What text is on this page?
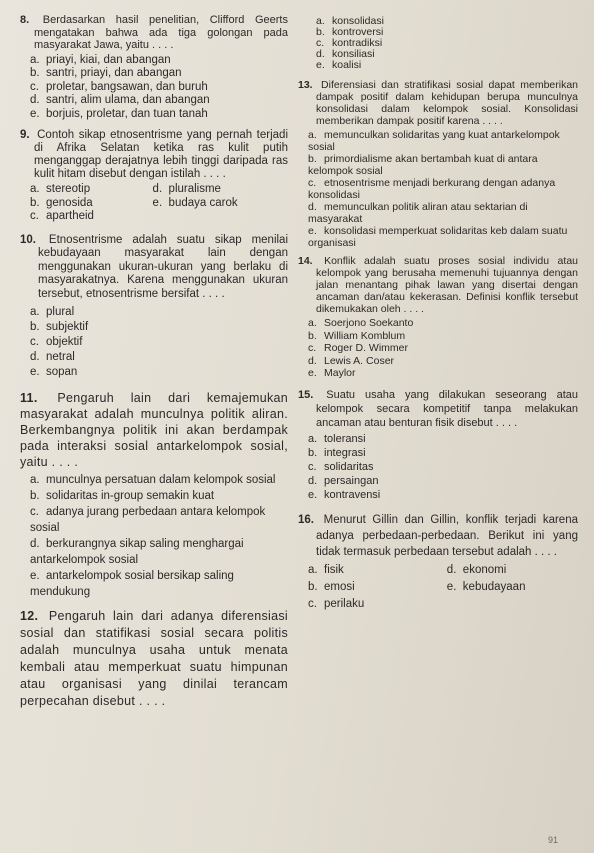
8. Berdasarkan hasil penelitian, Clifford Geerts mengatakan bahwa ada tiga golongan pada masyarakat Jawa, yaitu . . . .
a. priayi, kiai, dan abangan
b. santri, priayi, dan abangan
c. proletar, bangsawan, dan buruh
d. santri, alim ulama, dan abangan
e. borjuis, proletar, dan tuan tanah
9. Contoh sikap etnosentrisme yang pernah terjadi di Afrika Selatan ketika ras kulit putih menganggap derajatnya lebih tinggi daripada ras kulit hitam disebut dengan istilah . . . .
a. stereotip	d. pluralisme
b. genosida	e. budaya carok
c. apartheid
10. Etnosentrisme adalah suatu sikap menilai kebudayaan masyarakat lain dengan menggunakan ukuran-ukuran yang berlaku di masyarakatnya. Karena menggunakan ukuran tersebut, etnosentrisme bersifat . . . .
a. plural
b. subjektif
c. objektif
d. netral
e. sopan
11. Pengaruh lain dari kemajemukan masyarakat adalah munculnya politik aliran. Berkembangnya politik ini akan berdampak pada interaksi sosial antarkelompok sosial, yaitu . . . .
a. munculnya persatuan dalam kelompok sosial
b. solidaritas in-group semakin kuat
c. adanya jurang perbedaan antara kelompok sosial
d. berkurangnya sikap saling menghargai antarkelompok sosial
e. antarkelompok sosial bersikap saling mendukung
12. Pengaruh lain dari adanya diferensiasi sosial dan statifikasi sosial secara politis adalah munculnya usaha untuk menata kembali atau memperkuat suatu himpunan atau organisasi yang dinilai terancam perpecahan disebut . . . .
a. konsolidasi
b. kontroversi
c. kontradiksi
d. konsiliasi
e. koalisi
13. Diferensiasi dan stratifikasi sosial dapat memberikan dampak positif dalam kehidupan berupa munculnya konsolidasi dalam kelompok sosial. Konsolidasi memberikan dampak positif karena . . . .
a. memunculkan solidaritas yang kuat antarkelompok sosial
b. primordialisme akan bertambah kuat di antara kelompok sosial
c. etnosentrisme menjadi berkurang dengan adanya konsolidasi
d. memunculkan politik aliran atau sektarian di masyarakat
e. konsolidasi memperkuat solidaritas keb dalam suatu organisasi
14. Konflik adalah suatu proses sosial individu atau kelompok yang berusaha memenuhi tujuannya dengan jalan menantang pihak lawan yang disertai dengan ancaman dan/atau kekerasan. Definisi konflik tersebut dikemukakan oleh . . . .
a. Soerjono Soekanto
b. William Komblum
c. Roger D. Wimmer
d. Lewis A. Coser
e. Maylor
15. Suatu usaha yang dilakukan seseorang atau kelompok secara kompetitif tanpa melakukan ancaman atau benturan fisik disebut . . . .
a. toleransi
b. integrasi
c. solidaritas
d. persaingan
e. kontravensi
16. Menurut Gillin dan Gillin, konflik terjadi karena adanya perbedaan-perbedaan. Berikut ini yang tidak termasuk perbedaan tersebut adalah . . . .
a. fisik	d. ekonomi
b. emosi	e. kebudayaan
c. perilaku
91
